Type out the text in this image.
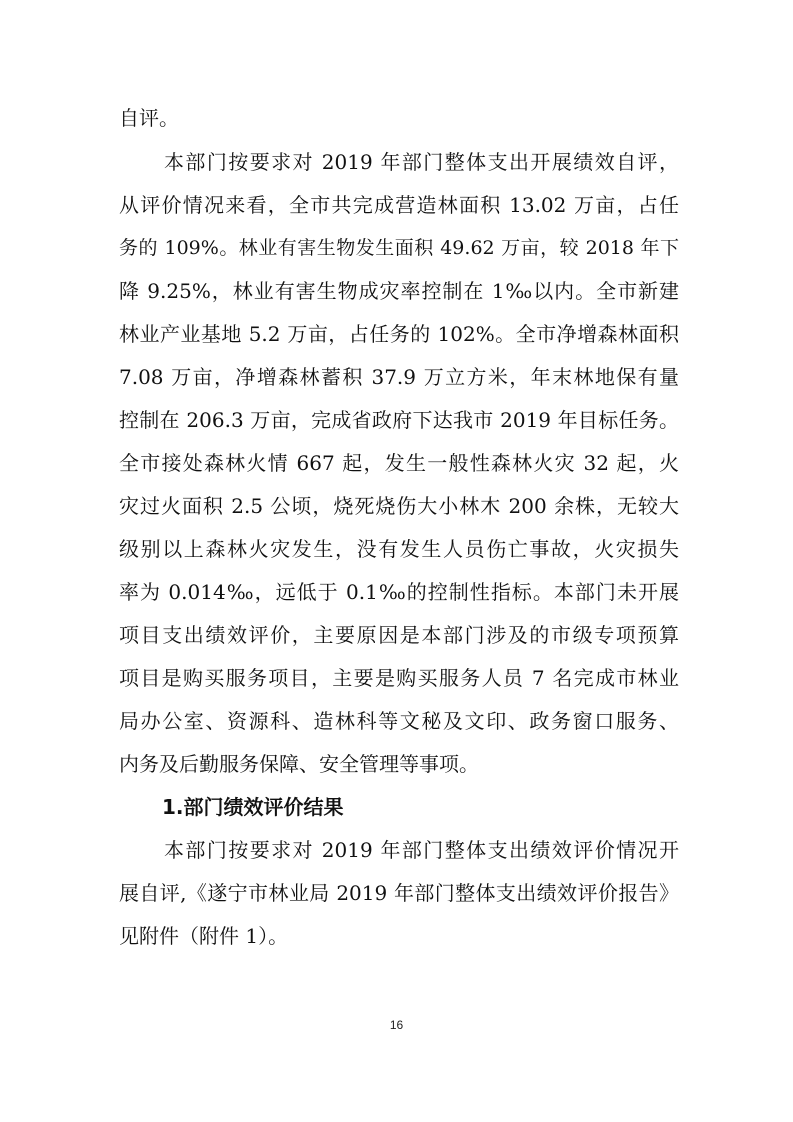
自评。
本部门按要求对 2019 年部门整体支出开展绩效自评，
从评价情况来看，全市共完成营造林面积 13.02 万亩，占任
务的 109%。林业有害生物发生面积 49.62 万亩，较 2018 年下
降 9.25%，林业有害生物成灾率控制在 1‰以内。全市新建
林业产业基地 5.2 万亩，占任务的 102%。全市净增森林面积
7.08 万亩，净增森林蓄积 37.9 万立方米，年末林地保有量
控制在 206.3 万亩，完成省政府下达我市 2019 年目标任务。
全市接处森林火情 667 起，发生一般性森林火灾 32 起，火
灾过火面积 2.5 公顷，烧死烧伤大小林木 200 余株，无较大
级别以上森林火灾发生，没有发生人员伤亡事故，火灾损失
率为 0.014‰，远低于 0.1‰的控制性指标。本部门未开展
项目支出绩效评价，主要原因是本部门涉及的市级专项预算
项目是购买服务项目，主要是购买服务人员 7 名完成市林业
局办公室、资源科、造林科等文秘及文印、政务窗口服务、
内务及后勤服务保障、安全管理等事项。
1.部门绩效评价结果
本部门按要求对 2019 年部门整体支出绩效评价情况开
展自评,《遂宁市林业局 2019 年部门整体支出绩效评价报告》
见附件（附件 1）。
16
